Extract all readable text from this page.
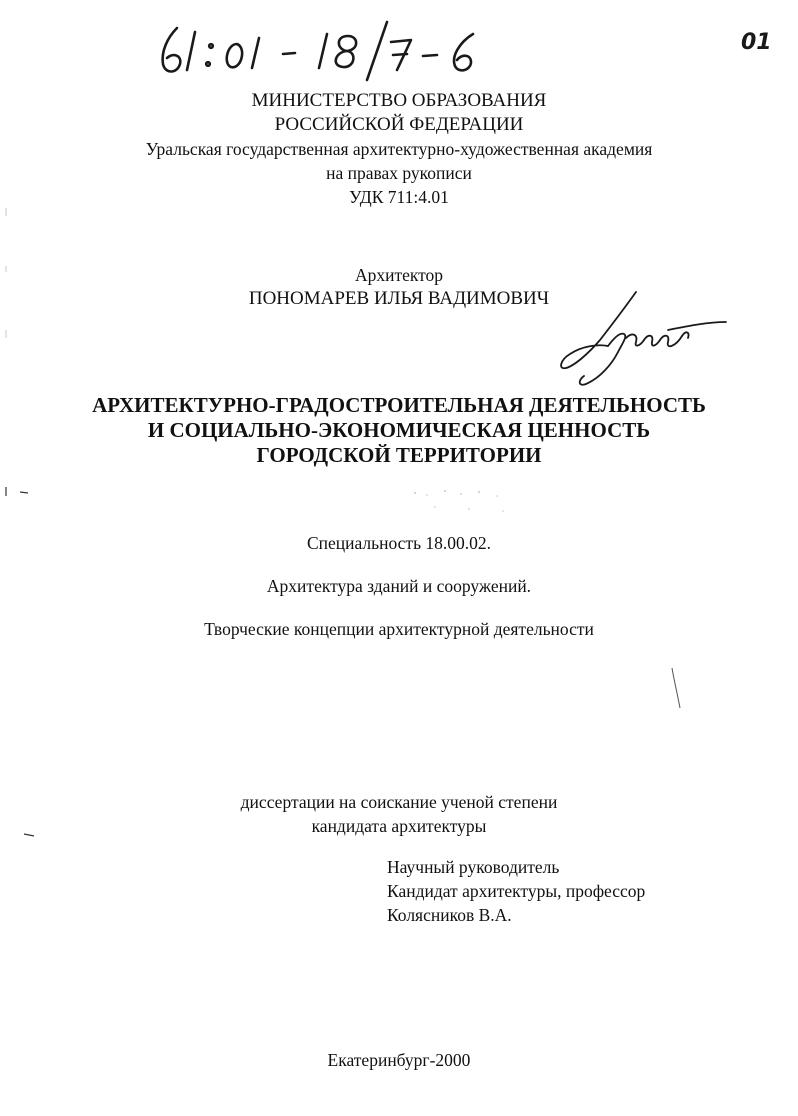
01
МИНИСТЕРСТВО ОБРАЗОВАНИЯ
РОССИЙСКОЙ ФЕДЕРАЦИИ
Уральская государственная архитектурно-художественная академия
на правах рукописи
УДК 711:4.01
Архитектор
ПОНОМАРЕВ ИЛЬЯ ВАДИМОВИЧ
АРХИТЕКТУРНО-ГРАДОСТРОИТЕЛЬНАЯ ДЕЯТЕЛЬНОСТЬ
И СОЦИАЛЬНО-ЭКОНОМИЧЕСКАЯ ЦЕННОСТЬ
ГОРОДСКОЙ ТЕРРИТОРИИ
Специальность 18.00.02.
Архитектура зданий и сооружений.
Творческие концепции архитектурной деятельности
диссертации на соискание ученой степени
кандидата архитектуры
Научный руководитель
Кандидат архитектуры, профессор
Колясников В.А.
Екатеринбург-2000
